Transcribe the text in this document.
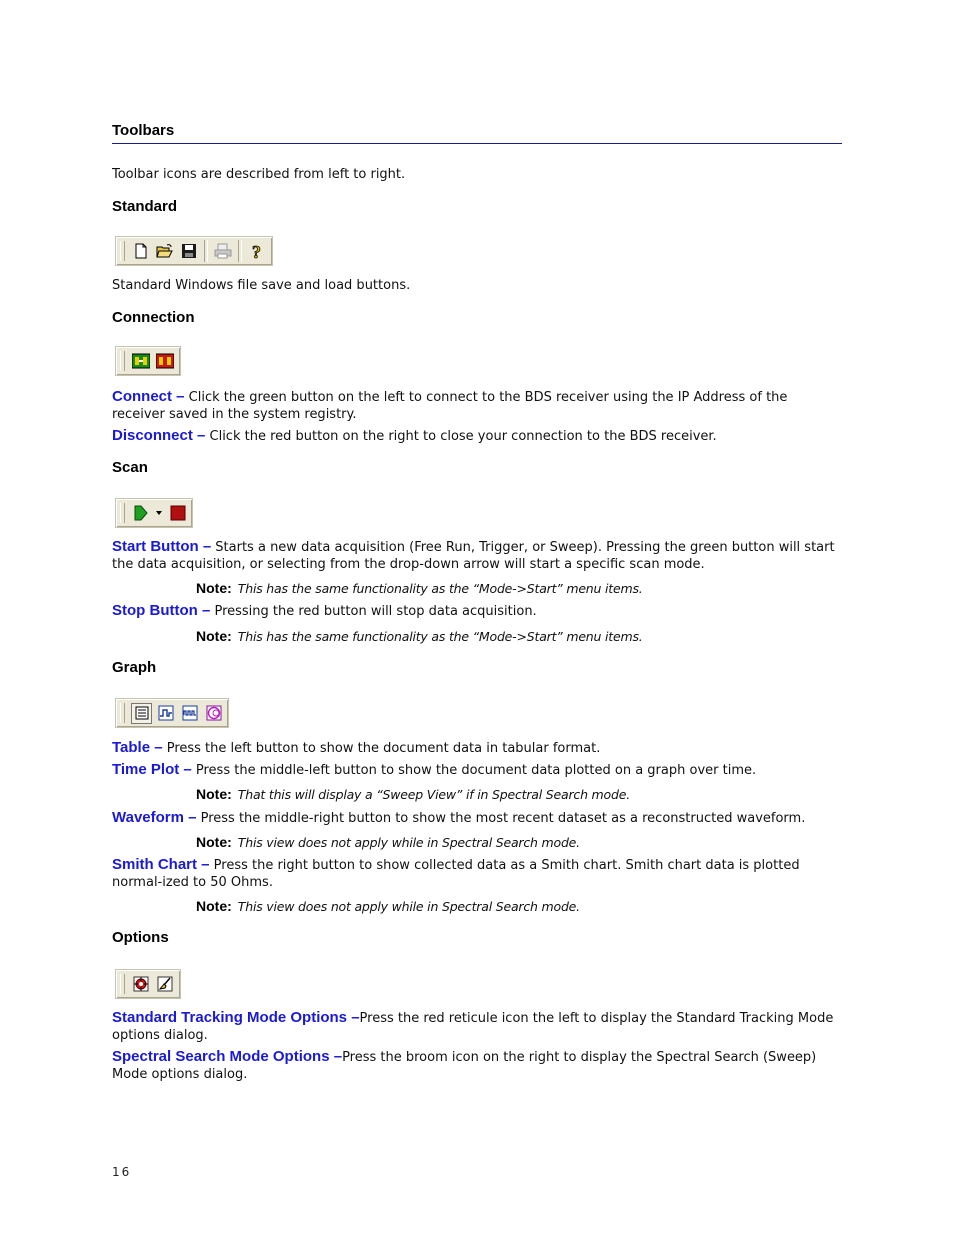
Toolbars
Toolbar icons are described from left to right.
Standard
?
Standard Windows file save and load buttons.
Connection
Connect – Click the green button on the left to connect to the BDS receiver using the IP Address of the receiver saved in the system registry.
Disconnect – Click the red button on the right to close your connection to the BDS receiver.
Scan
Start Button – Starts a new data acquisition (Free Run, Trigger, or Sweep). Pressing the green button will start the data acquisition, or selecting from the drop-down arrow will start a specific scan mode.
Note: This has the same functionality as the “Mode->Start” menu items.
Stop Button – Pressing the red button will stop data acquisition.
Note: This has the same functionality as the “Mode->Start” menu items.
Graph
Table – Press the left button to show the document data in tabular format.
Time Plot – Press the middle-left button to show the document data plotted on a graph over time.
Note: That this will display a “Sweep View” if in Spectral Search mode.
Waveform – Press the middle-right button to show the most recent dataset as a reconstructed waveform.
Note: This view does not apply while in Spectral Search mode.
Smith Chart – Press the right button to show collected data as a Smith chart. Smith chart data is plotted normal-ized to 50 Ohms.
Note: This view does not apply while in Spectral Search mode.
Options
Standard Tracking Mode Options –Press the red reticule icon the left to display the Standard Tracking Mode options dialog.
Spectral Search Mode Options –Press the broom icon on the right to display the Spectral Search (Sweep) Mode options dialog.
16
